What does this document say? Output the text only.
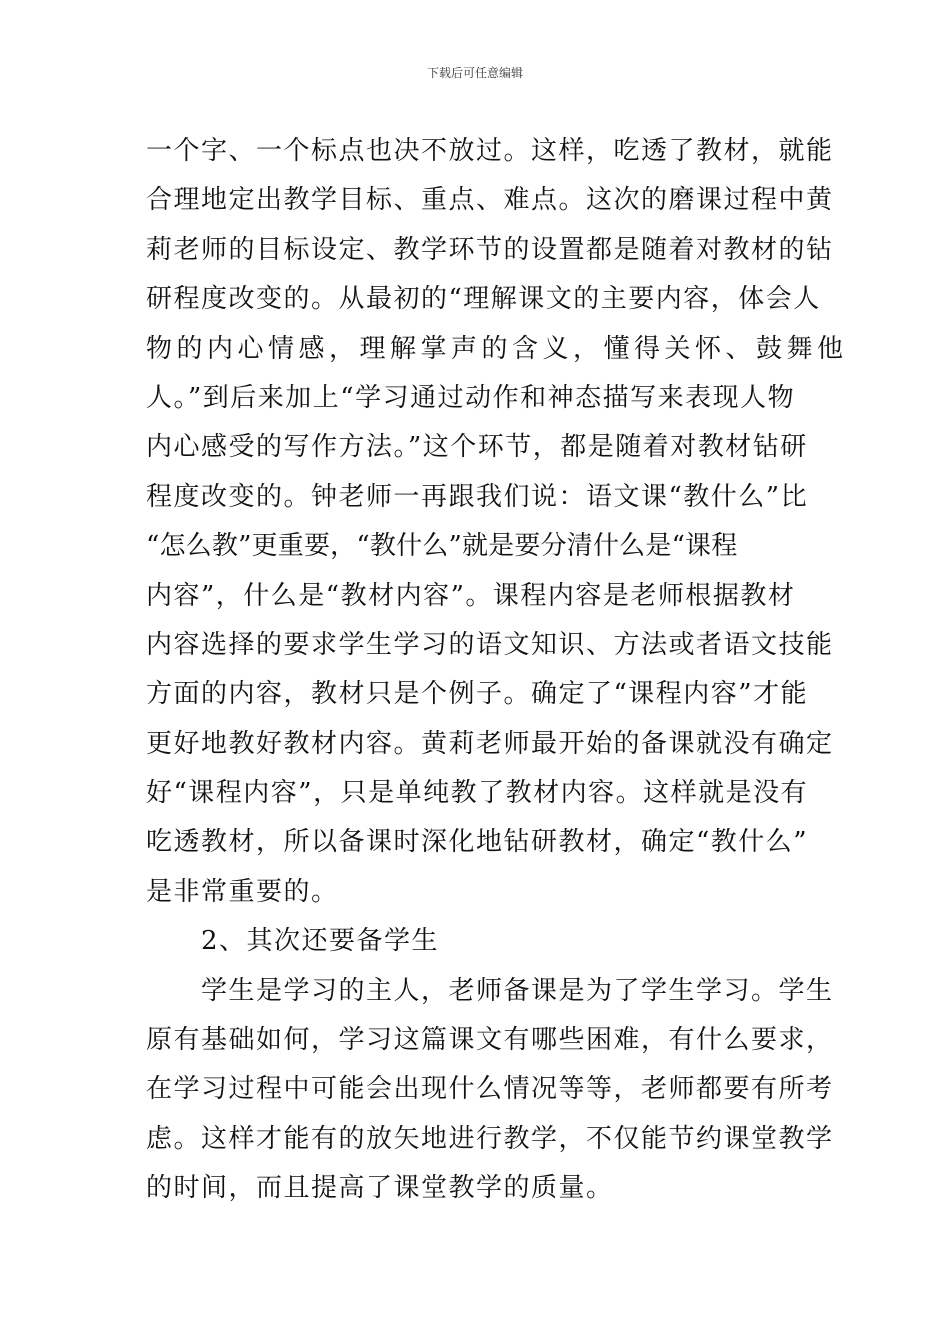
下载后可任意编辑
一个字、一个标点也决不放过。这样，吃透了教材，就能
合理地定出教学目标、重点、难点。这次的磨课过程中黄
莉老师的目标设定、教学环节的设置都是随着对教材的钻
研程度改变的。从最初的“理解课文的主要内容，体会人
物的内心情感，理解掌声的含义，懂得关怀、鼓舞他
人。”到后来加上“学习通过动作和神态描写来表现人物
内心感受的写作方法。”这个环节，都是随着对教材钻研
程度改变的。钟老师一再跟我们说：语文课“教什么”比
“怎么教”更重要，“教什么”就是要分清什么是“课程
内容”，什么是“教材内容”。课程内容是老师根据教材
内容选择的要求学生学习的语文知识、方法或者语文技能
方面的内容，教材只是个例子。确定了“课程内容”才能
更好地教好教材内容。黄莉老师最开始的备课就没有确定
好“课程内容”，只是单纯教了教材内容。这样就是没有
吃透教材，所以备课时深化地钻研教材，确定“教什么”
是非常重要的。
　　2、其次还要备学生
　　学生是学习的主人，老师备课是为了学生学习。学生
原有基础如何，学习这篇课文有哪些困难，有什么要求，
在学习过程中可能会出现什么情况等等，老师都要有所考
虑。这样才能有的放矢地进行教学，不仅能节约课堂教学
的时间，而且提高了课堂教学的质量。
